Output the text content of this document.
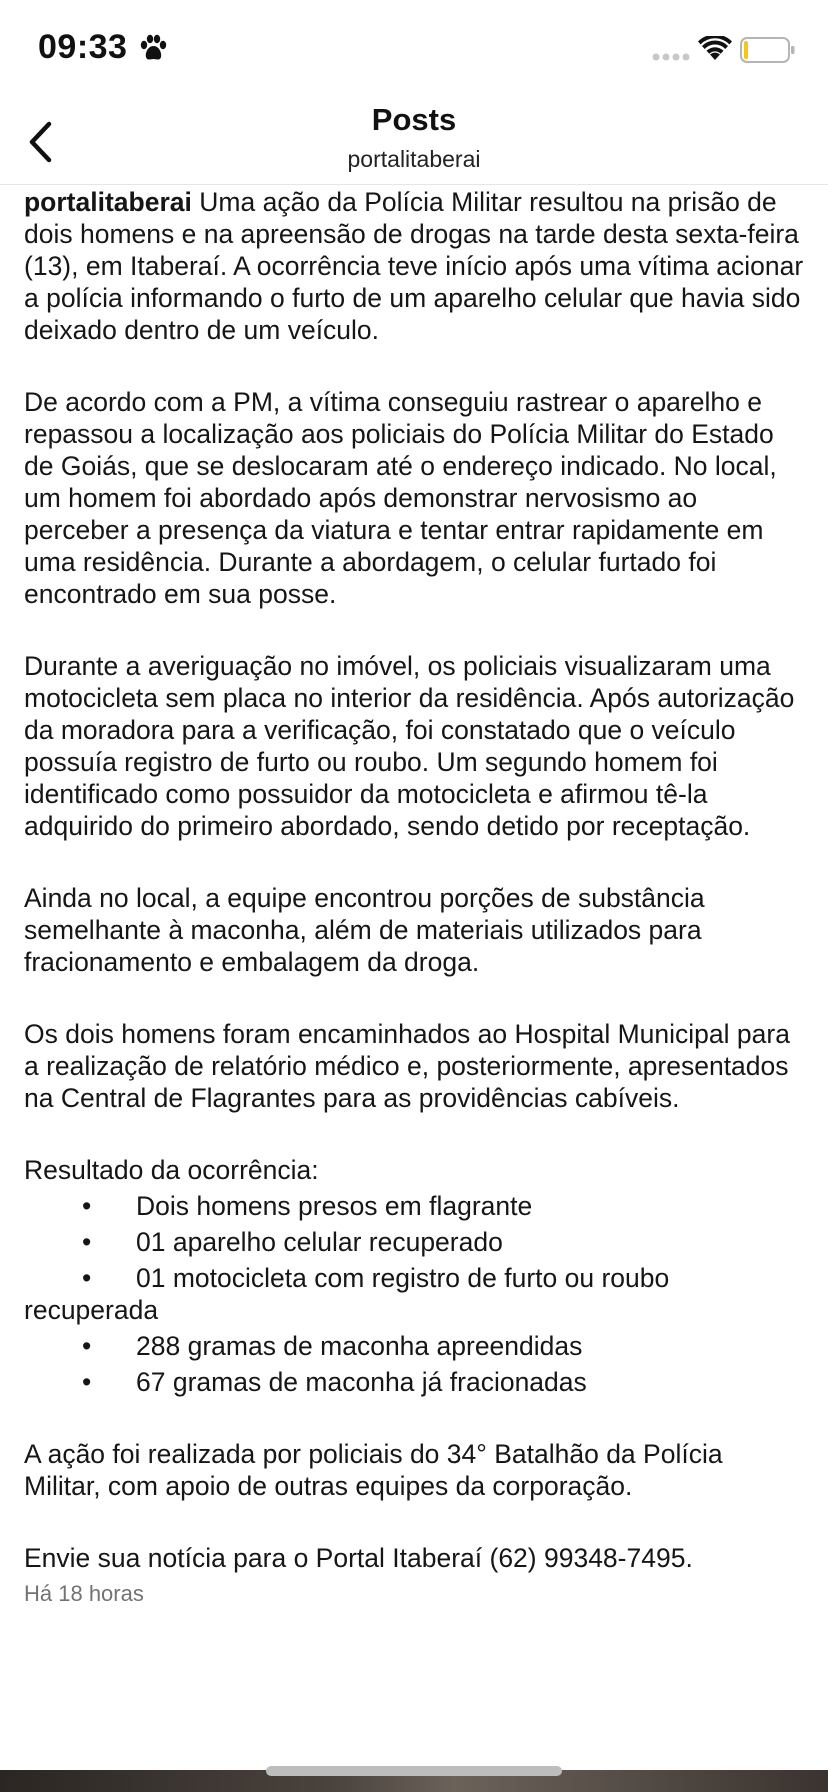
09:33
Posts
portalitaberai

portalitaberai Uma ação da Polícia Militar resultou na prisão de dois homens e na apreensão de drogas na tarde desta sexta-feira (13), em Itaberaí. A ocorrência teve início após uma vítima acionar a polícia informando o furto de um aparelho celular que havia sido deixado dentro de um veículo.

De acordo com a PM, a vítima conseguiu rastrear o aparelho e repassou a localização aos policiais do Polícia Militar do Estado de Goiás, que se deslocaram até o endereço indicado. No local, um homem foi abordado após demonstrar nervosismo ao perceber a presença da viatura e tentar entrar rapidamente em uma residência. Durante a abordagem, o celular furtado foi encontrado em sua posse.

Durante a averiguação no imóvel, os policiais visualizaram uma motocicleta sem placa no interior da residência. Após autorização da moradora para a verificação, foi constatado que o veículo possuía registro de furto ou roubo. Um segundo homem foi identificado como possuidor da motocicleta e afirmou tê-la adquirido do primeiro abordado, sendo detido por receptação.

Ainda no local, a equipe encontrou porções de substância semelhante à maconha, além de materiais utilizados para fracionamento e embalagem da droga.

Os dois homens foram encaminhados ao Hospital Municipal para a realização de relatório médico e, posteriormente, apresentados na Central de Flagrantes para as providências cabíveis.

Resultado da ocorrência:

• Dois homens presos em flagrante
• 01 aparelho celular recuperado
• 01 motocicleta com registro de furto ou roubo recuperada
• 288 gramas de maconha apreendidas
• 67 gramas de maconha já fracionadas

A ação foi realizada por policiais do 34° Batalhão da Polícia Militar, com apoio de outras equipes da corporação.

Envie sua notícia para o Portal Itaberaí (62) 99348-7495.

Há 18 horas
